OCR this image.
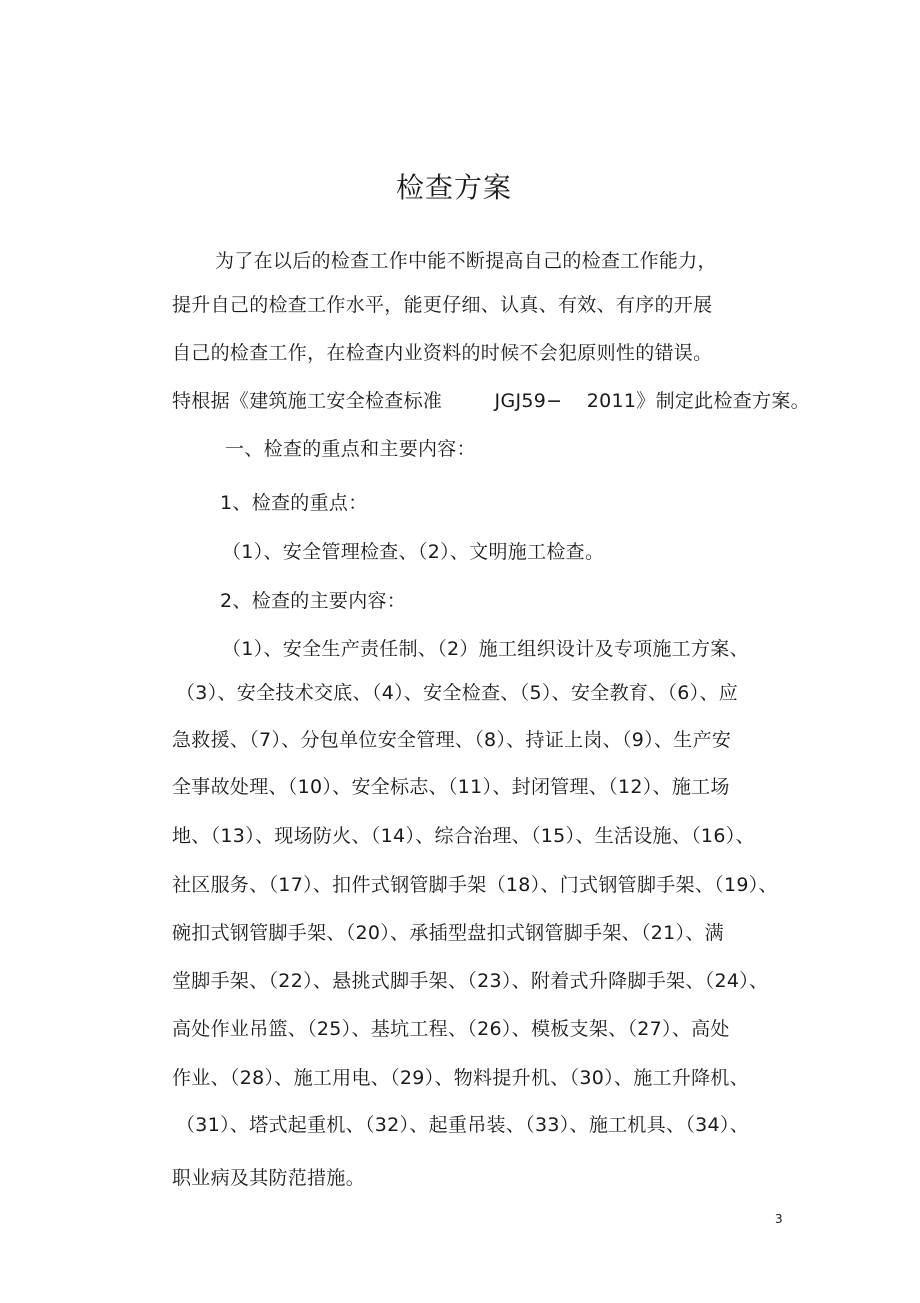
检查方案
为了在以后的检查工作中能不断提高自己的检查工作能力，
提升自己的检查工作水平，能更仔细、认真、有效、有序的开展
自己的检查工作，在检查内业资料的时候不会犯原则性的错误。
特根据《建筑施工安全检查标准	JGJ59− 2011》制定此检查方案。
一、检查的重点和主要内容：
1、检查的重点：
（1）、安全管理检查、（2）、文明施工检查。
2、检查的主要内容：
（1）、安全生产责任制、（2）施工组织设计及专项施工方案、
（3）、安全技术交底、（4）、安全检查、（5）、安全教育、（6）、应
急救援、（7）、分包单位安全管理、（8）、持证上岗、（9）、生产安
全事故处理、（10）、安全标志、（11）、封闭管理、（12）、施工场
地、（13）、现场防火、（14）、综合治理、（15）、生活设施、（16）、
社区服务、（17）、扣件式钢管脚手架（18）、门式钢管脚手架、（19）、
碗扣式钢管脚手架、（20）、承插型盘扣式钢管脚手架、（21）、满
堂脚手架、（22）、悬挑式脚手架、（23）、附着式升降脚手架、（24）、
高处作业吊篮、（25）、基坑工程、（26）、模板支架、（27）、高处
作业、（28）、施工用电、（29）、物料提升机、（30）、施工升降机、
（31）、塔式起重机、（32）、起重吊装、（33）、施工机具、（34）、
职业病及其防范措施。
3
